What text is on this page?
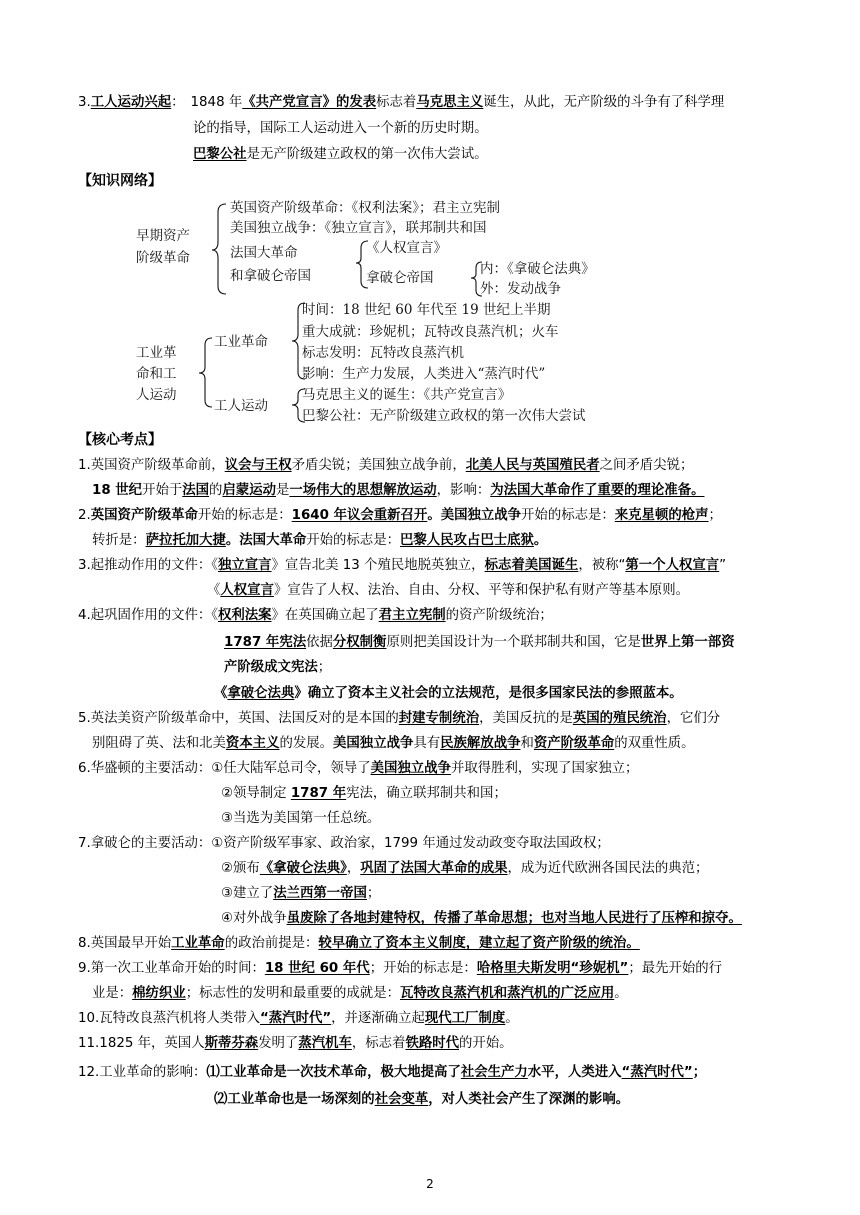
3.工人运动兴起： 1848 年《共产党宣言》的发表标志着马克思主义诞生，从此，无产阶级的斗争有了科学理
论的指导，国际工人运动进入一个新的历史时期。
巴黎公社是无产阶级建立政权的第一次伟大尝试。
【知识网络】
早期资产
阶级革命
英国资产阶级革命：《权利法案》；君主立宪制
美国独立战争：《独立宣言》，联邦制共和国
法国大革命
和拿破仑帝国
《人权宣言》
拿破仑帝国
内：《拿破仑法典》
外：发动战争
工业革
命和工
人运动
工业革命
时间：18 世纪 60 年代至 19 世纪上半期
重大成就：珍妮机；瓦特改良蒸汽机；火车
标志发明：瓦特改良蒸汽机
影响：生产力发展，人类进入“蒸汽时代”
工人运动
马克思主义的诞生：《共产党宣言》
巴黎公社：无产阶级建立政权的第一次伟大尝试
【核心考点】
1.英国资产阶级革命前，议会与王权矛盾尖锐；美国独立战争前，北美人民与英国殖民者之间矛盾尖锐；
18 世纪开始于法国的启蒙运动是一场伟大的思想解放运动，影响：为法国大革命作了重要的理论准备。
2.英国资产阶级革命开始的标志是：1640 年议会重新召开。美国独立战争开始的标志是：来克星顿的枪声；
转折是：萨拉托加大捷。法国大革命开始的标志是：巴黎人民攻占巴士底狱。
3.起推动作用的文件：《独立宣言》宣告北美 13 个殖民地脱英独立，标志着美国诞生，被称“第一个人权宣言”
《人权宣言》宣告了人权、法治、自由、分权、平等和保护私有财产等基本原则。
4.起巩固作用的文件：《权利法案》在英国确立起了君主立宪制的资产阶级统治；
1787 年宪法依据分权制衡原则把美国设计为一个联邦制共和国，它是世界上第一部资
产阶级成文宪法；
《拿破仑法典》确立了资本主义社会的立法规范，是很多国家民法的参照蓝本。
5.英法美资产阶级革命中，英国、法国反对的是本国的封建专制统治，美国反抗的是英国的殖民统治，它们分
别阻碍了英、法和北美资本主义的发展。美国独立战争具有民族解放战争和资产阶级革命的双重性质。
6.华盛顿的主要活动：①任大陆军总司令，领导了美国独立战争并取得胜利，实现了国家独立；
②领导制定 1787 年宪法，确立联邦制共和国；
③当选为美国第一任总统。
7.拿破仑的主要活动：①资产阶级军事家、政治家，1799 年通过发动政变夺取法国政权；
②颁布《拿破仑法典》，巩固了法国大革命的成果，成为近代欧洲各国民法的典范；
③建立了法兰西第一帝国；
④对外战争虽废除了各地封建特权，传播了革命思想；也对当地人民进行了压榨和掠夺。
8.英国最早开始工业革命的政治前提是：较早确立了资本主义制度，建立起了资产阶级的统治。
9.第一次工业革命开始的时间：18 世纪 60 年代；开始的标志是：哈格里夫斯发明“珍妮机”；最先开始的行
业是：棉纺织业；标志性的发明和最重要的成就是：瓦特改良蒸汽机和蒸汽机的广泛应用。
10.瓦特改良蒸汽机将人类带入“蒸汽时代”，并逐渐确立起现代工厂制度。
11.1825 年，英国人斯蒂芬森发明了蒸汽机车，标志着铁路时代的开始。
12.工业革命的影响：⑴工业革命是一次技术革命，极大地提高了社会生产力水平，人类进入“蒸汽时代”；
⑵工业革命也是一场深刻的社会变革，对人类社会产生了深渊的影响。
2
